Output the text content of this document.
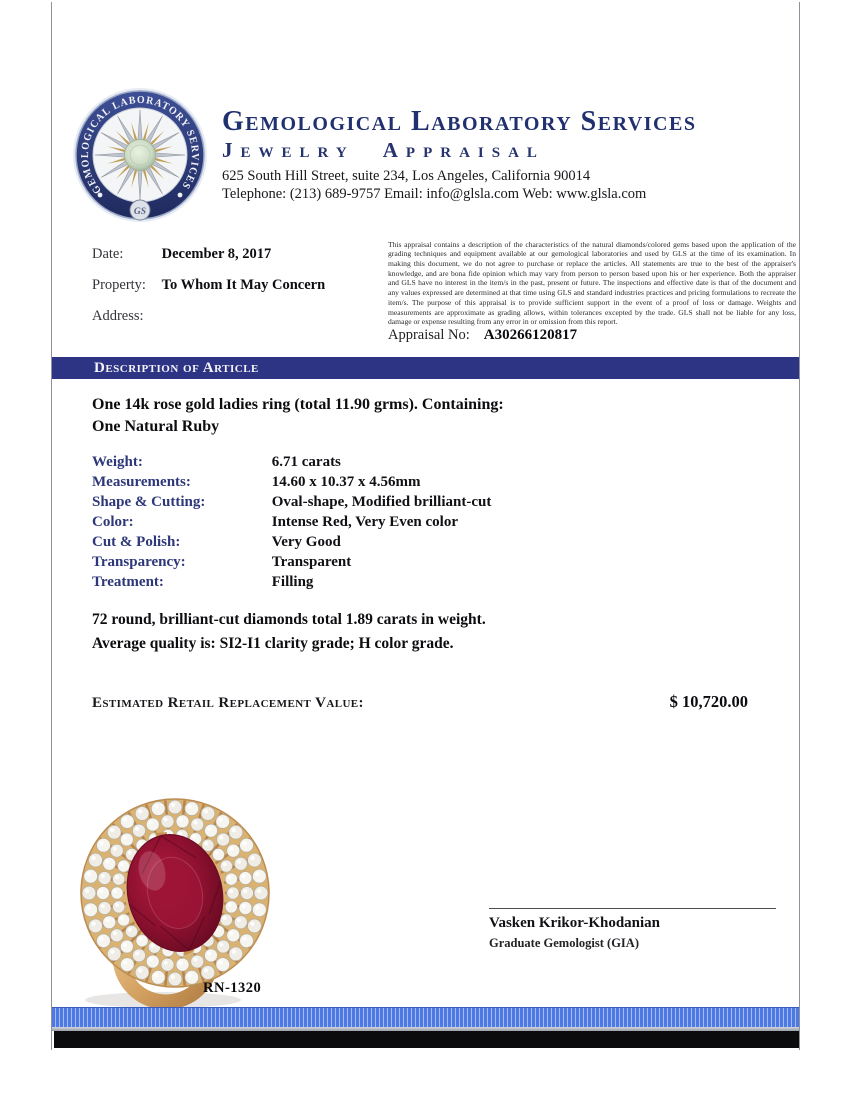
GEMOLOGICAL LABORATORY SERVICES
GS
Gemological Laboratory Services
Jewelry Appraisal
625 South Hill Street, suite 234, Los Angeles, California 90014
Telephone: (213) 689-9757 Email: info@glsla.com Web: www.glsla.com
Date:	December 8, 2017
Property: To Whom It May Concern
Address:

This appraisal contains a description of the characteristics of the natural diamonds/colored gems based upon the application of the grading techniques and equipment available at our gemological laboratories and used by GLS at the time of its examination. In making this document, we do not agree to purchase or replace the articles. All statements are true to the best of the appraiser's knowledge, and are bona fide opinion which may vary from person to person based upon his or her experience. Both the appraiser and GLS have no interest in the item/s in the past, present or future. The inspections and effective date is that of the document and any values expressed are determined at that time using GLS and standard industries practices and pricing formulations to recreate the item/s. The purpose of this appraisal is to provide sufficient support in the event of a proof of loss or damage. Weights and measurements are approximate as grading allows, within tolerances excepted by the trade. GLS shall not be liable for any loss, damage or expense resulting from any error in or omission from this report.

Appraisal No: A30266120817
Description of Article
One 14k rose gold ladies ring (total 11.90 grms). Containing:
One Natural Ruby
Weight:	6.71 carats
Measurements:	14.60 x 10.37 x 4.56mm
Shape & Cutting:	Oval-shape, Modified brilliant-cut
Color:	Intense Red, Very Even color
Cut & Polish:	Very Good
Transparency:	Transparent
Treatment:	Filling
72 round, brilliant-cut diamonds total 1.89 carats in weight.
Average quality is: SI2-I1 clarity grade; H color grade.
Estimated Retail Replacement Value:	$ 10,720.00
RN-1320
Vasken Krikor-Khodanian
Graduate Gemologist (GIA)
